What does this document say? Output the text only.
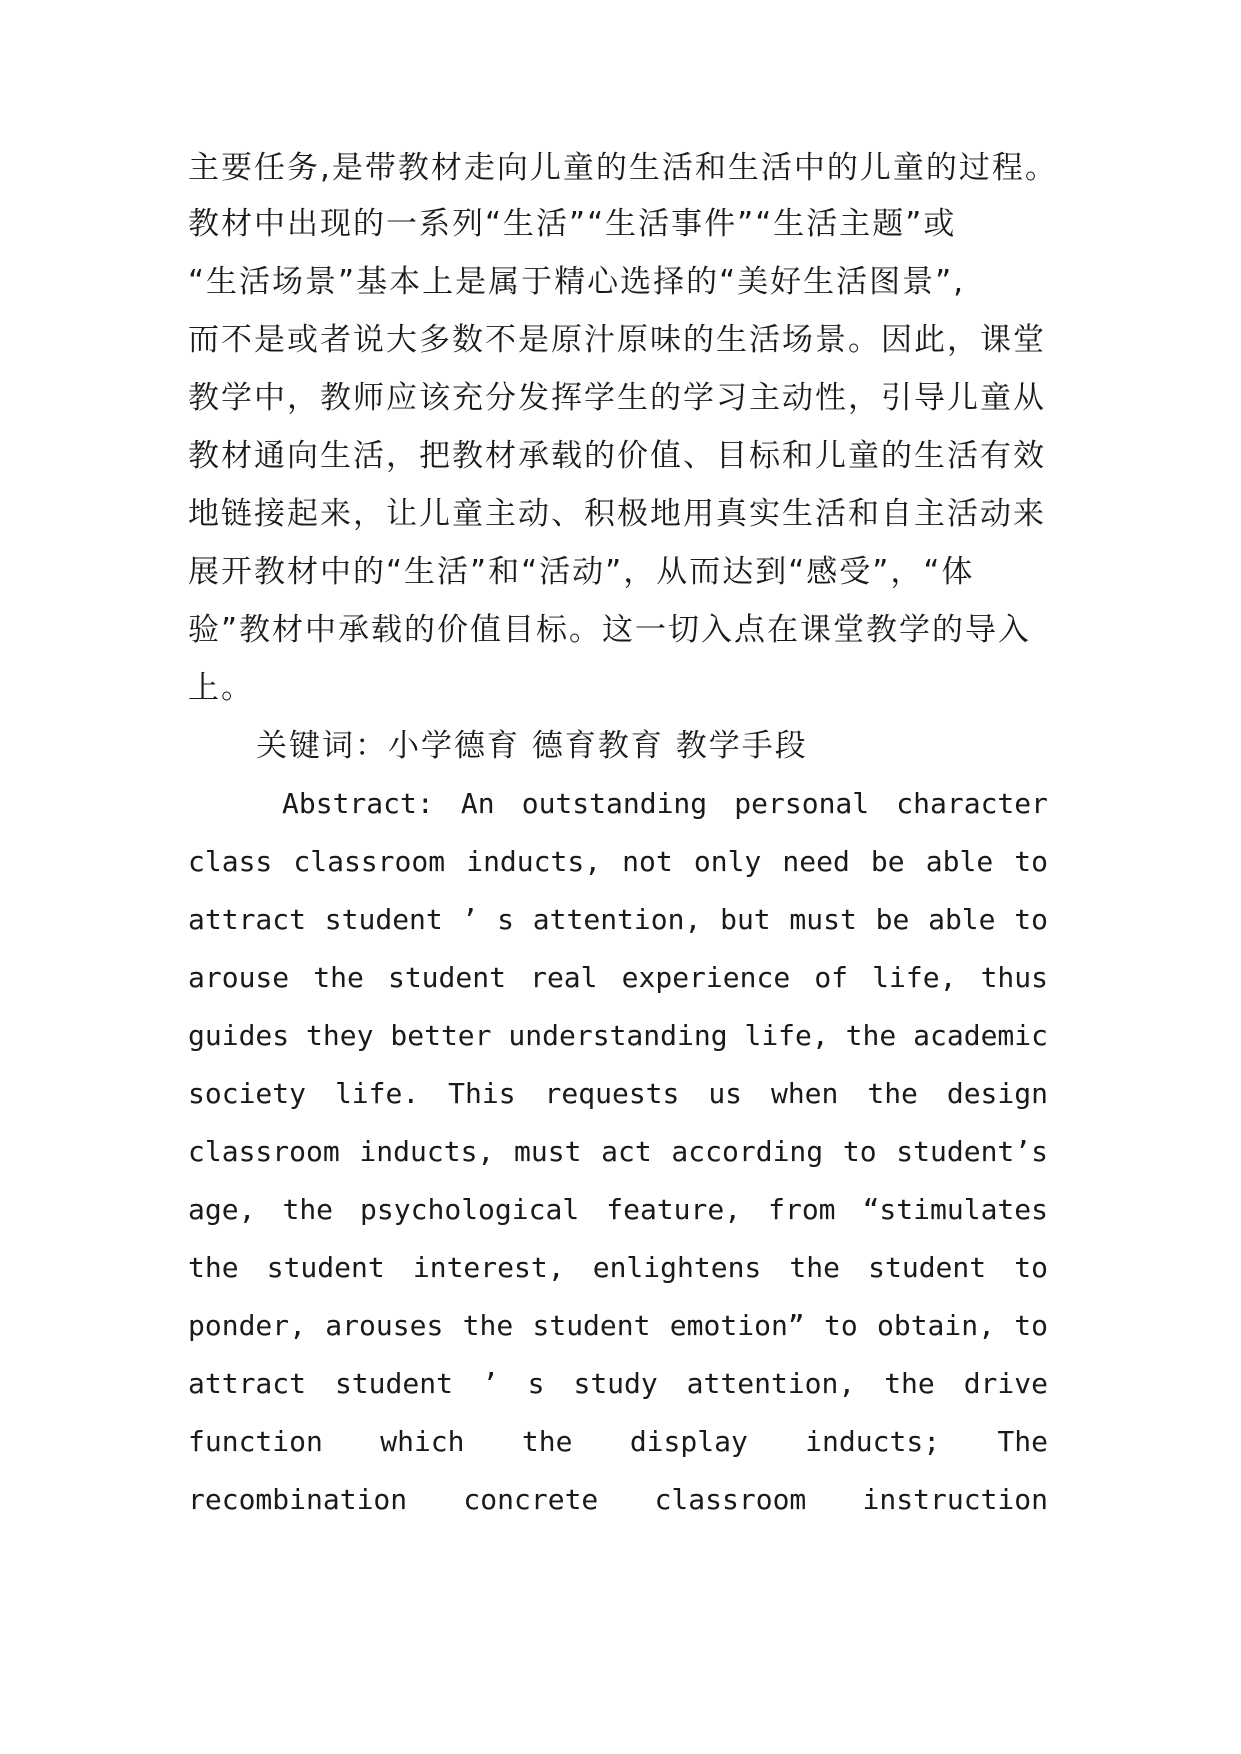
主要任务,是带教材走向儿童的生活和生活中的儿童的过程。
教材中出现的一系列“生活”“生活事件”“生活主题”或
“生活场景”基本上是属于精心选择的“美好生活图景”,
而不是或者说大多数不是原汁原味的生活场景。因此，课堂
教学中，教师应该充分发挥学生的学习主动性，引导儿童从
教材通向生活，把教材承载的价值、目标和儿童的生活有效
地链接起来，让儿童主动、积极地用真实生活和自主活动来
展开教材中的“生活”和“活动”，从而达到“感受”，“体
验”教材中承载的价值目标。这一切入点在课堂教学的导入
上。
关键词：小学德育 德育教育 教学手段
Abstract: An outstanding personal character
class classroom inducts, not only need be able to
attract student ’ s attention, but must be able to
arouse the student real experience of life, thus
guides they better understanding life, the academic
society life. This requests us when the design
classroom inducts, must act according to student’s
age, the psychological feature, from “stimulates
the student interest, enlightens the student to
ponder, arouses the student emotion” to obtain, to
attract student ’ s study attention, the drive
function which the display inducts; The
recombination concrete classroom instruction
